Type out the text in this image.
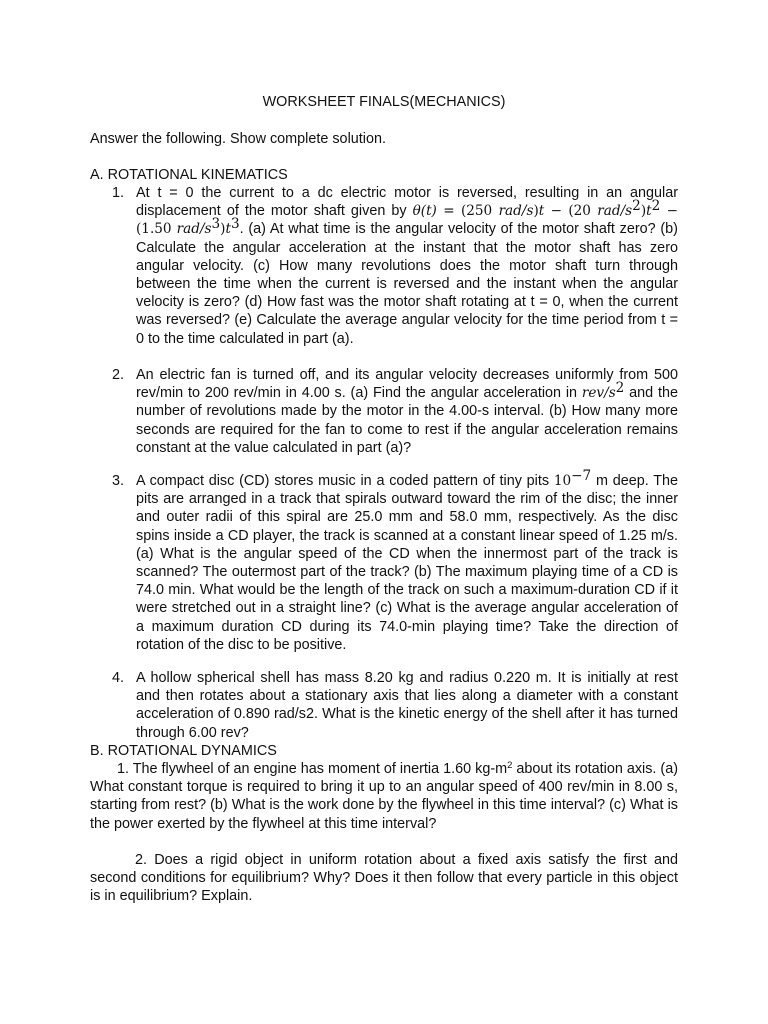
WORKSHEET FINALS(MECHANICS)
Answer the following. Show complete solution.
A. ROTATIONAL KINEMATICS
1. At t = 0 the current to a dc electric motor is reversed, resulting in an angular displacement of the motor shaft given by θ(t) = (250 rad/s)t − (20 rad/$s^2)t^2 - (1.50$ rad/$s^3)t^3$. (a) At what time is the angular velocity of the motor shaft zero? (b) Calculate the angular acceleration at the instant that the motor shaft has zero angular velocity. (c) How many revolutions does the motor shaft turn through between the time when the current is reversed and the instant when the angular velocity is zero? (d) How fast was the motor shaft rotating at t = 0, when the current was reversed? (e) Calculate the average angular velocity for the time period from t = 0 to the time calculated in part (a).
2. An electric fan is turned off, and its angular velocity decreases uniformly from 500 rev/min to 200 rev/min in 4.00 s. (a) Find the angular acceleration in rev/$s^2$ and the number of revolutions made by the motor in the 4.00-s interval. (b) How many more seconds are required for the fan to come to rest if the angular acceleration remains constant at the value calculated in part (a)?
3. A compact disc (CD) stores music in a coded pattern of tiny pits $10^{-7}$ m deep. The pits are arranged in a track that spirals outward toward the rim of the disc; the inner and outer radii of this spiral are 25.0 mm and 58.0 mm, respectively. As the disc spins inside a CD player, the track is scanned at a constant linear speed of 1.25 m/s. (a) What is the angular speed of the CD when the innermost part of the track is scanned? The outermost part of the track? (b) The maximum playing time of a CD is 74.0 min. What would be the length of the track on such a maximum-duration CD if it were stretched out in a straight line? (c) What is the average angular acceleration of a maximum duration CD during its 74.0-min playing time? Take the direction of rotation of the disc to be positive.
4. A hollow spherical shell has mass 8.20 kg and radius 0.220 m. It is initially at rest and then rotates about a stationary axis that lies along a diameter with a constant acceleration of 0.890 rad/s2. What is the kinetic energy of the shell after it has turned through 6.00 rev?
B. ROTATIONAL DYNAMICS
1. The flywheel of an engine has moment of inertia 1.60 $kg-m^2$ about its rotation axis. (a) What constant torque is required to bring it up to an angular speed of 400 rev/min in 8.00 s, starting from rest? (b) What is the work done by the flywheel in this time interval? (c) What is the power exerted by the flywheel at this time interval?
2. Does a rigid object in uniform rotation about a fixed axis satisfy the first and second conditions for equilibrium? Why? Does it then follow that every particle in this object is in equilibrium? Explain.
